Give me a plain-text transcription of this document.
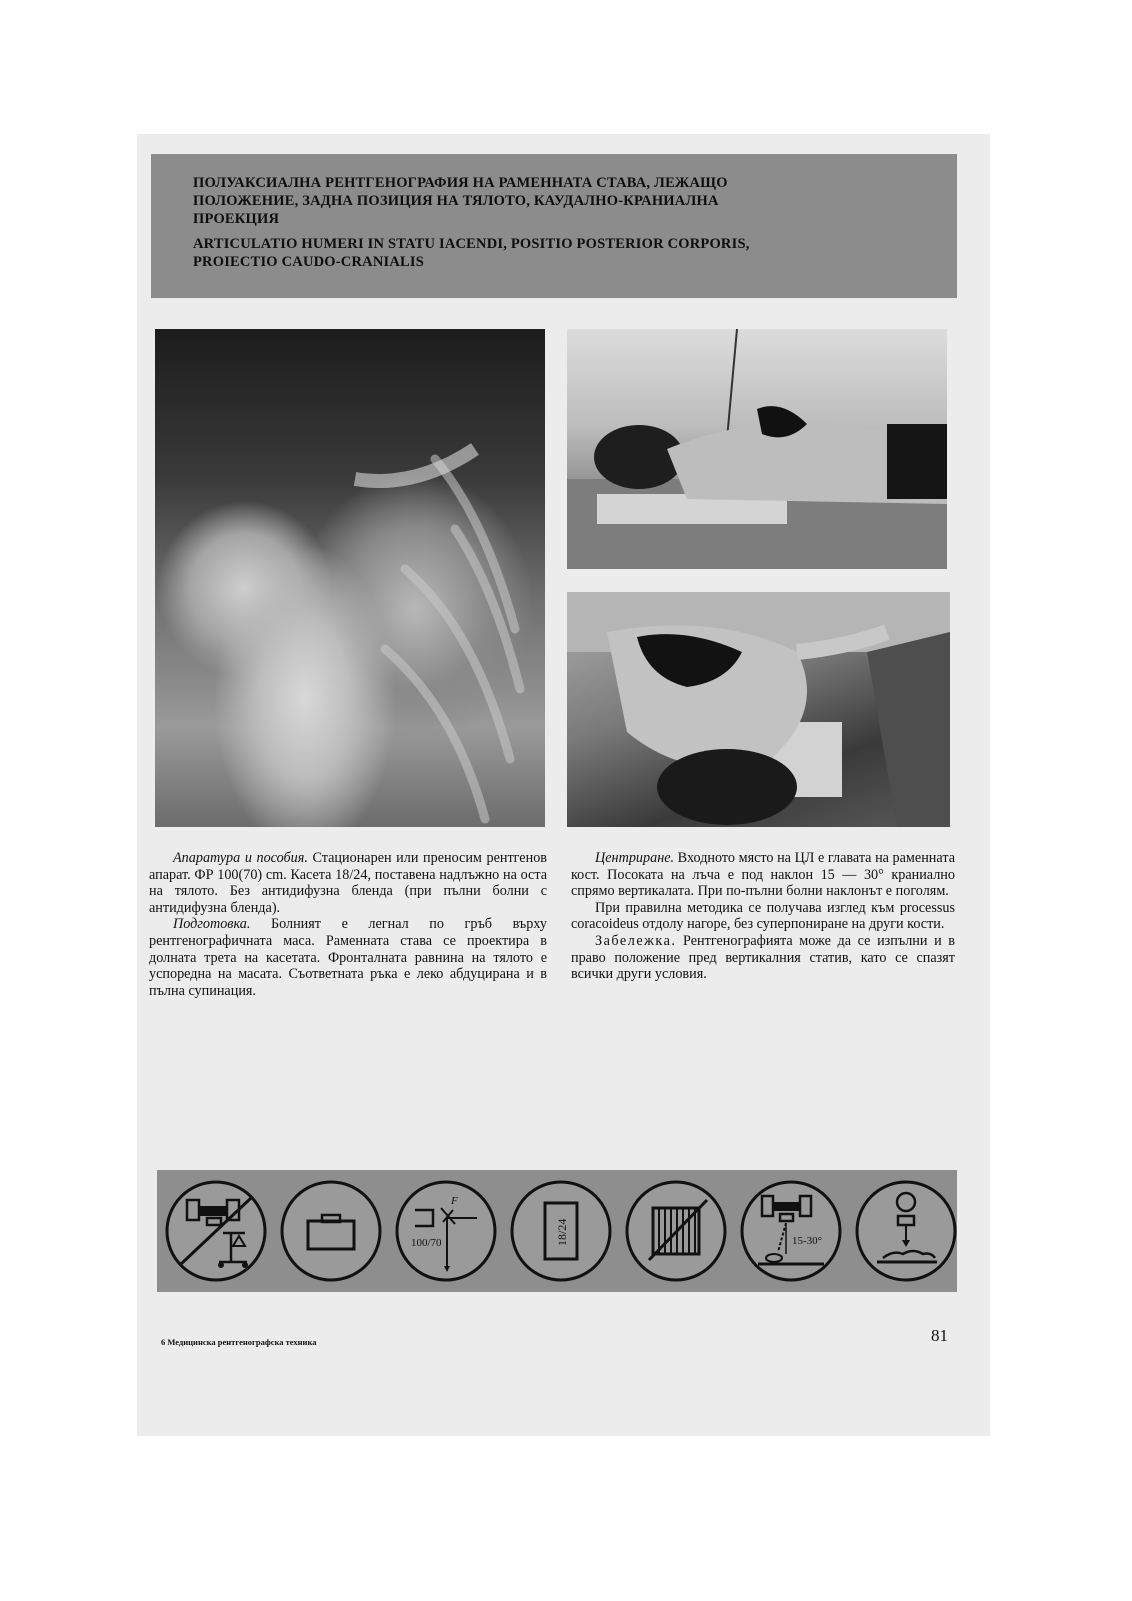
ПОЛУАКСИАЛНА РЕНТГЕНОГРАФИЯ НА РАМЕННАТА СТАВА, ЛЕЖАЩО
ПОЛОЖЕНИЕ, ЗАДНА ПОЗИЦИЯ НА ТЯЛОТО, КАУДАЛНО-КРАНИАЛНА
ПРОЕКЦИЯ
ARTICULATIO HUMERI IN STATU IACENDI, POSITIO POSTERIOR CORPORIS,
PROIECTIO CAUDO-CRANIALIS

Апаратура и пособия. Стационарен или преносим рентгенов апарат. ФР 100(70) cm. Касета 18/24, поставена надлъжно на оста на тялото. Без антидифузна бленда (при пълни болни с антидифузна бленда).

Подготовка. Болният е легнал по гръб върху рентгенографичната маса. Раменната става се проектира в долната трета на касетата. Фронталната равнина на тялото е успоредна на масата. Съответната ръка е леко абдуцирана и в пълна супинация.

Центриране. Входното място на ЦЛ е главата на раменната кост. Посоката на лъча е под наклон 15 — 30° краниално спрямо вертикалата. При по-пълни болни наклонът е поголям.

При правилна методика се получава изглед към processus coracoideus отдолу нагоре, без суперпониране на други кости.

Забележка. Рентгенографията може да се изпълни и в право положение пред вертикалния статив, като се спазят всички други условия.

F
100/70	18/24	15-30°
6 Медицинска рентгенографска техника	81
